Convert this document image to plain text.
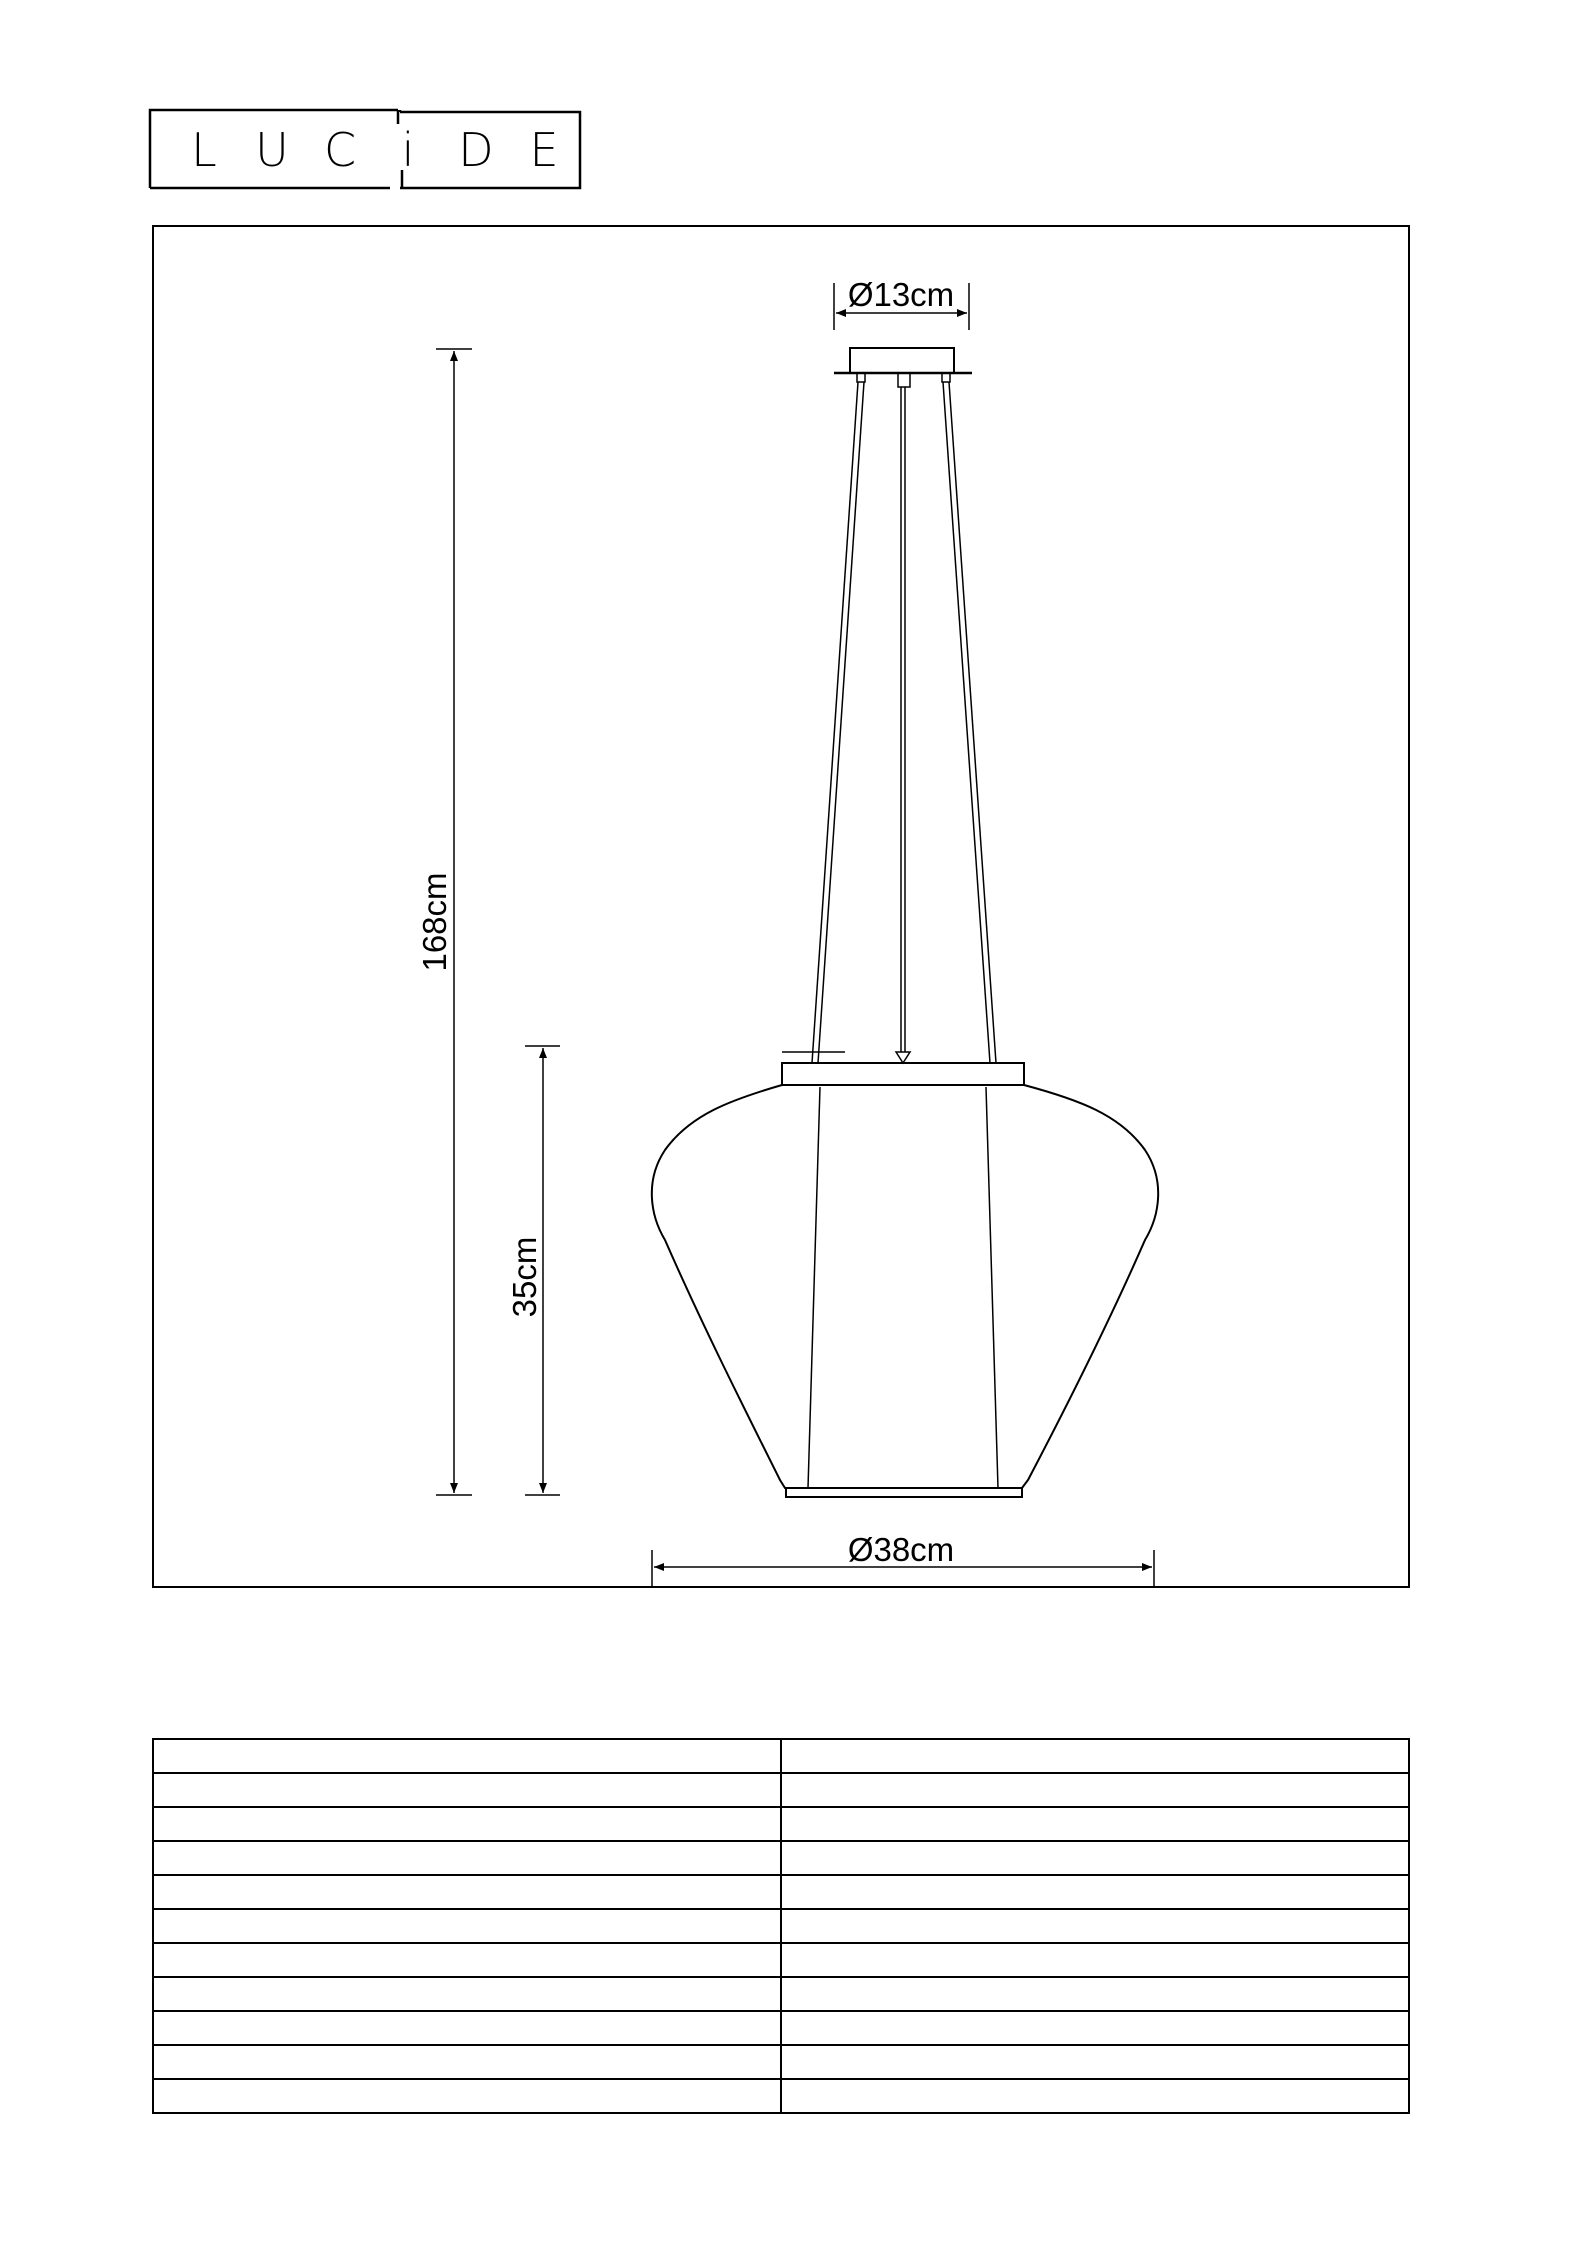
L U C i D E
Ø13cm
168cm
35cm
Ø38cm
